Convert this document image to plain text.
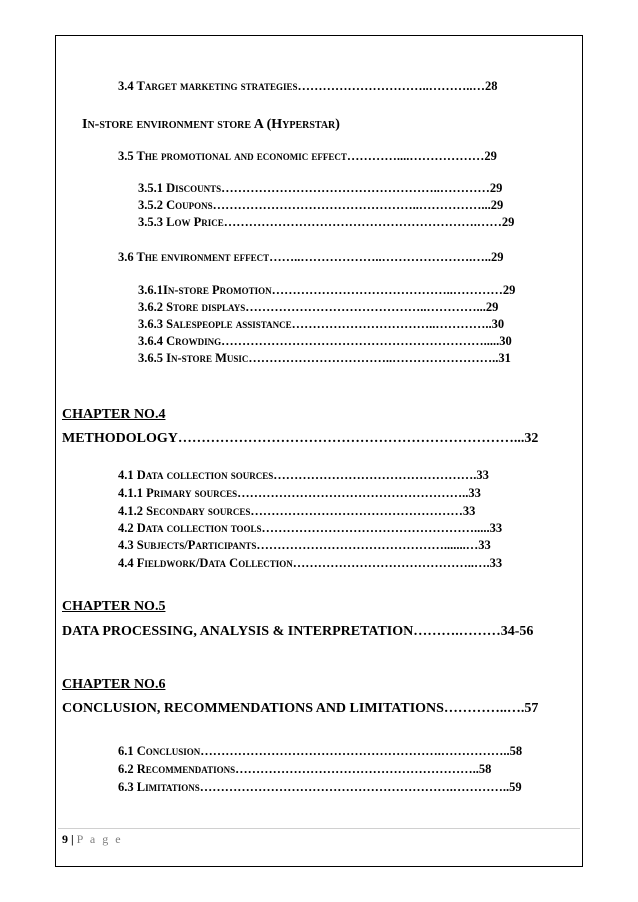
3.4 Target marketing strategies…………………………..………..…28
In-store environment store A (Hyperstar)
3.5 The promotional and economic effect…………....………………29
3.5.1 Discounts……………………………………………..…………29
3.5.2 Coupons…………………………………………..……………...29
3.5.3 Low Price…………………………………………………….……29
3.6 The environment effect……..………………..………………….…..29
3.6.1In-store Promotion……………………………………..…………29
3.6.2 Store displays……………………………………..…………...29
3.6.3 Salespeople assistance……………………………..…………..30
3.6.4 Crowding……………………………………………………….....30
3.6.5 In-store Music……………………………..……………………..31
CHAPTER NO.4
METHODOLOGY………………………………………………………………...32
4.1 Data collection sources………………………………………….33
4.1.1 Primary sources………………………………………………..33
4.1.2 Secondary sources……………………………………………33
4.2 Data collection tools…………………………………………….....33
4.3 Subjects/Participants……………………………………….......…33
4.4 Fieldwork/Data Collection……………………………………..….33
CHAPTER NO.5
DATA PROCESSING, ANALYSIS & INTERPRETATION……….………34-56
CHAPTER NO.6
CONCLUSION, RECOMMENDATIONS AND LIMITATIONS…………..….57
6.1 Conclusion………………………………………………….……………..58
6.2 Recommendations…………………………………………………..58
6.3 Limitations…………………………………………………….…………..59
9 | P a g e
